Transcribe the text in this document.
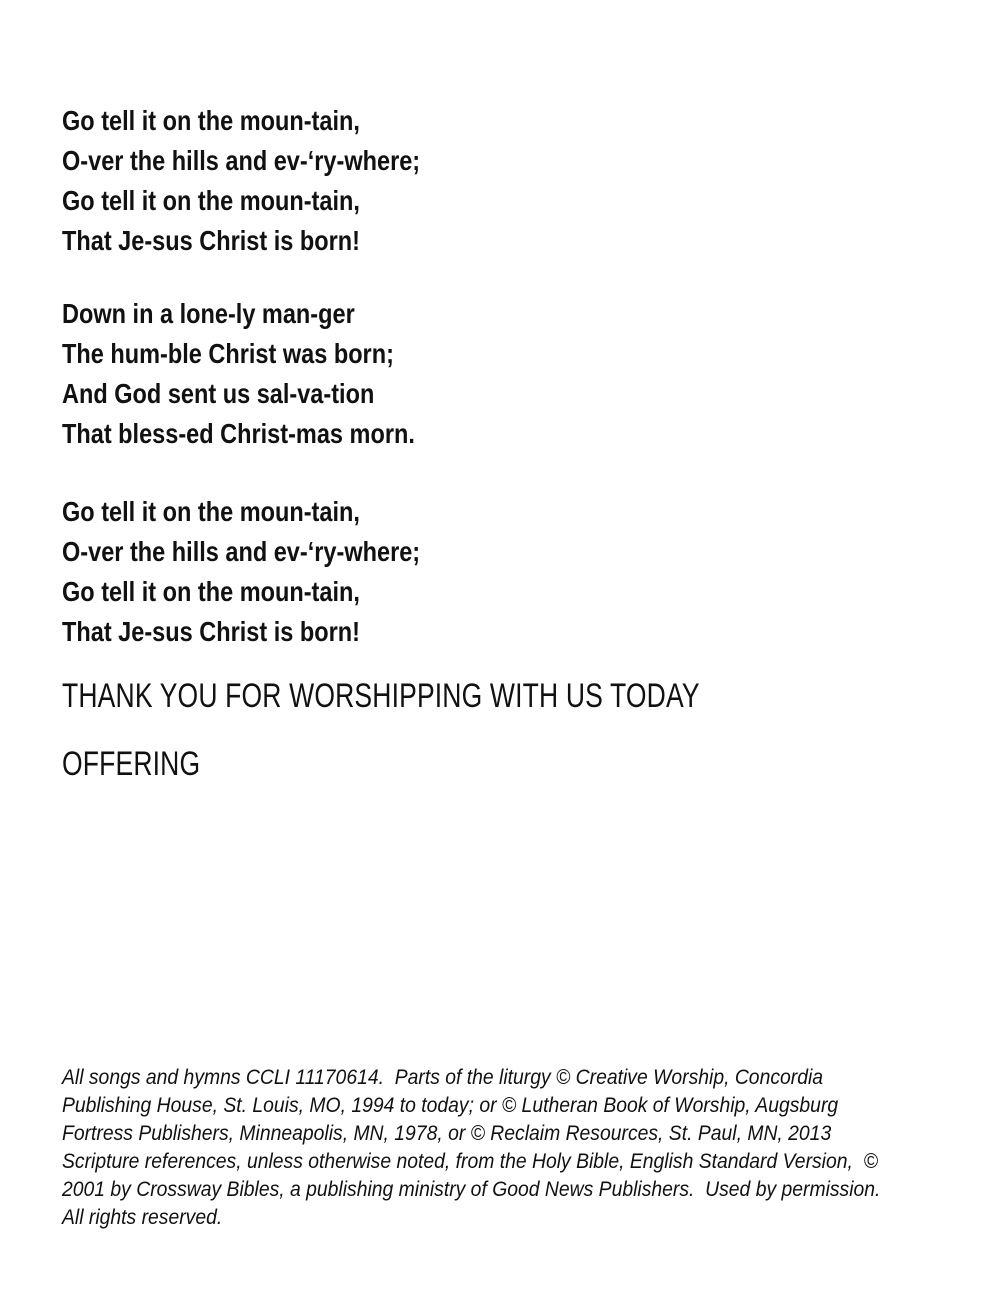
Go tell it on the moun-tain,
O-ver the hills and ev-‘ry-where;
Go tell it on the moun-tain,
That Je-sus Christ is born!
Down in a lone-ly man-ger
The hum-ble Christ was born;
And God sent us sal-va-tion
That bless-ed Christ-mas morn.
Go tell it on the moun-tain,
O-ver the hills and ev-‘ry-where;
Go tell it on the moun-tain,
That Je-sus Christ is born!
THANK YOU FOR WORSHIPPING WITH US TODAY
OFFERING
All songs and hymns CCLI 11170614.  Parts of the liturgy © Creative Worship, Concordia
Publishing House, St. Louis, MO, 1994 to today; or © Lutheran Book of Worship, Augsburg
Fortress Publishers, Minneapolis, MN, 1978, or © Reclaim Resources, St. Paul, MN, 2013
Scripture references, unless otherwise noted, from the Holy Bible, English Standard Version,  ©
2001 by Crossway Bibles, a publishing ministry of Good News Publishers.  Used by permission.
All rights reserved.
